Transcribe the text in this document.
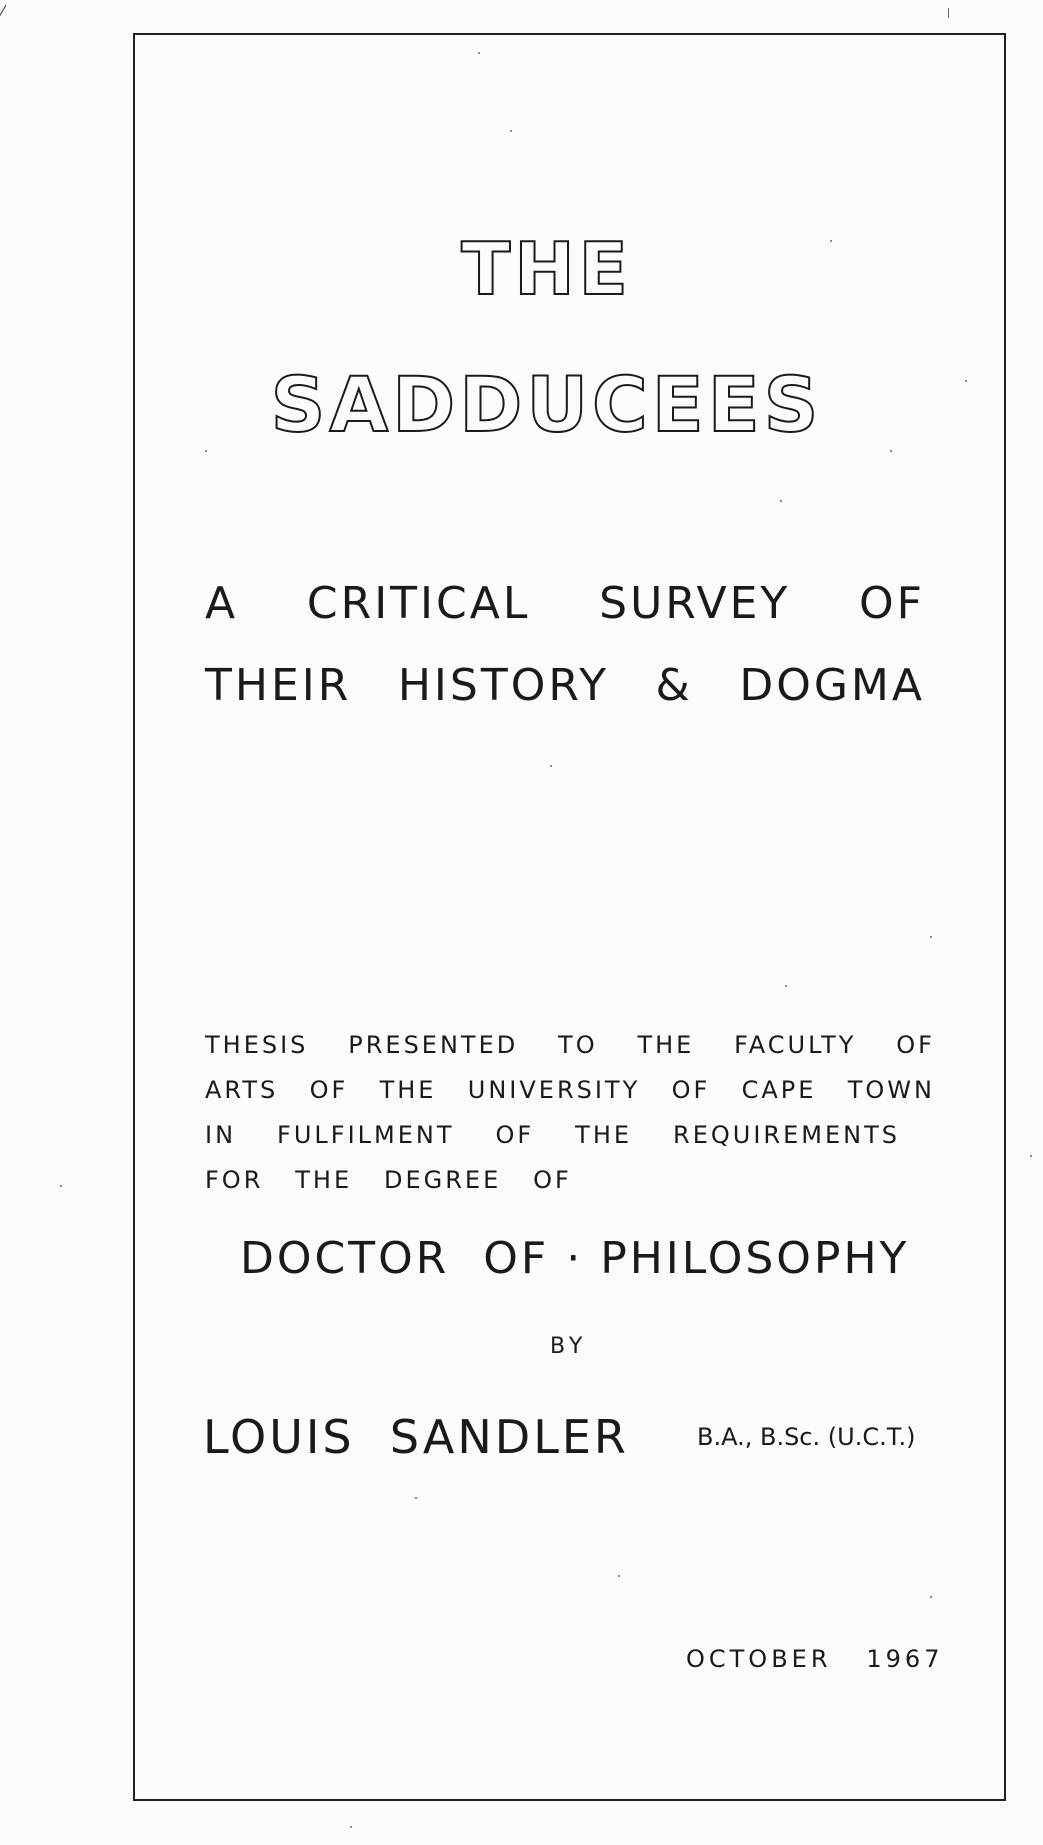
THE
SADDUCEES
A CRITICAL SURVEY OF
THEIR HISTORY & DOGMA
THESIS PRESENTED TO THE FACULTY OF
ARTS OF THE UNIVERSITY OF CAPE TOWN
IN FULFILMENT OF THE REQUIREMENTS
FOR   THE   DEGREE   OF
DOCTOR  OF · PHILOSOPHY
BY
LOUIS  SANDLER	B.A., B.Sc. (U.C.T.)
OCTOBER   1967
